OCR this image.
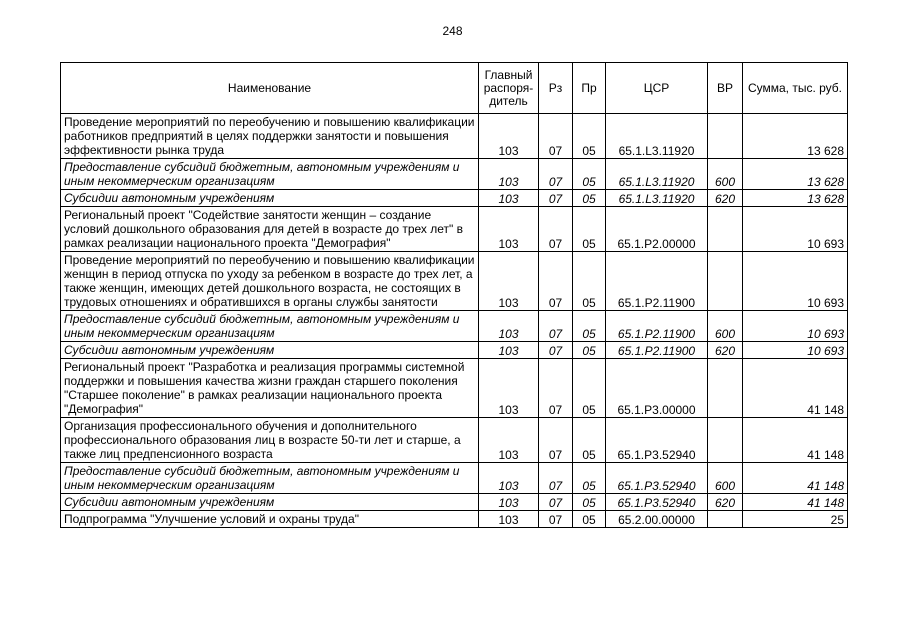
248
Наименование	Главный распоря-дитель	Рз	Пр	ЦСР	ВР	Сумма, тыс. руб.
Проведение мероприятий по переобучению и повышению квалификации работников предприятий в целях поддержки занятости и повышения эффективности рынка труда	103	07	05	65.1.L3.11920		13 628
Предоставление субсидий бюджетным, автономным учреждениям и иным некоммерческим организациям	103	07	05	65.1.L3.11920	600	13 628
Субсидии автономным учреждениям	103	07	05	65.1.L3.11920	620	13 628
Региональный проект "Содействие занятости женщин – создание условий дошкольного образования для детей в возрасте до трех лет" в рамках реализации национального проекта "Демография"	103	07	05	65.1.P2.00000		10 693
Проведение мероприятий по переобучению и повышению квалификации женщин в период отпуска по уходу за ребенком в возрасте до трех лет, а также женщин, имеющих детей дошкольного возраста, не состоящих в трудовых отношениях и обратившихся в органы службы занятости	103	07	05	65.1.P2.11900		10 693
Предоставление субсидий бюджетным, автономным учреждениям и иным некоммерческим организациям	103	07	05	65.1.P2.11900	600	10 693
Субсидии автономным учреждениям	103	07	05	65.1.P2.11900	620	10 693
Региональный проект "Разработка и реализация программы системной поддержки и повышения качества жизни граждан старшего поколения "Старшее поколение" в рамках реализации национального проекта "Демография"	103	07	05	65.1.P3.00000		41 148
Организация профессионального обучения и дополнительного профессионального образования лиц в возрасте 50-ти лет и старше, а также лиц предпенсионного возраста	103	07	05	65.1.P3.52940		41 148
Предоставление субсидий бюджетным, автономным учреждениям и иным некоммерческим организациям	103	07	05	65.1.P3.52940	600	41 148
Субсидии автономным учреждениям	103	07	05	65.1.P3.52940	620	41 148
Подпрограмма "Улучшение условий и охраны труда"	103	07	05	65.2.00.00000		25
